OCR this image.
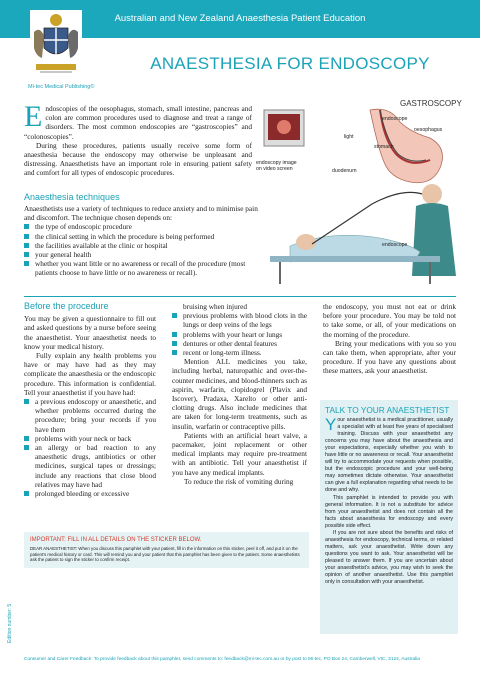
Australian and New Zealand Anaesthesia Patient Education
Mi-tec Medical Publishing©
ANAESTHESIA FOR ENDOSCOPY

Endoscopies of the oesophagus, stomach, small intestine, pancreas and colon are common procedures used to diagnose and treat a range of disorders. The most common endoscopies are “gastroscopies” and “colonoscopies”.

During these procedures, patients usually receive some form of anaesthesia because the endoscopy may otherwise be unpleasant and distressing. Anaesthetists have an important role in ensuring patient safety and comfort for all types of endoscopic procedures.

Anaesthesia techniques
Anaesthetists use a variety of techniques to reduce anxiety and to minimise pain and discomfort. The technique chosen depends on:
the type of endoscopic procedure
the clinical setting in which the procedure is being performed
the facilities available at the clinic or hospital
your general health
whether you want little or no awareness or recall of the procedure (most patients choose to have little or no awareness or recall).
GASTROSCOPY
endoscopy image on video screen
light
endoscope
oesophagus
stomach
duodenum
endoscope
Before the procedure

You may be given a questionnaire to fill out and asked questions by a nurse before seeing the anaesthetist. Your anaesthetist needs to know your medical history.

Fully explain any health problems you have or may have had as they may complicate the anaesthesia or the endoscopic procedure. This information is confidential. Tell your anaesthetist if you have had:

a previous endoscopy or anaesthetic, and whether problems occurred during the procedure; bring your records if you have them
problems with your neck or back
an allergy or bad reaction to any anaesthetic drugs, antibiotics or other medicines, surgical tapes or dressings; include any reactions that close blood relatives may have had
prolonged bleeding or excessive

bruising when injured

previous problems with blood clots in the lungs or deep veins of the legs
problems with your heart or lungs
dentures or other dental features
recent or long-term illness.

Mention ALL medicines you take, including herbal, naturopathic and over-the-counter medicines, and blood-thinners such as aspirin, warfarin, clopidogrel (Plavix and Iscover), Pradaxa, Xarelto or other anti-clotting drugs. Also include medicines that are taken for long-term treatments, such as insulin, warfarin or contraceptive pills.

Patients with an artificial heart valve, a pacemaker, joint replacement or other medical implants may require pre-treatment with an antibiotic. Tell your anaesthetist if you have any medical implants.

To reduce the risk of vomiting during

the endoscopy, you must not eat or drink before your procedure. You may be told not to take some, or all, of your medications on the morning of the procedure.

Bring your medications with you so you can take them, when appropriate, after your procedure. If you have any questions about these matters, ask your anaesthetist.

TALK TO YOUR ANAESTHETIST

Your anaesthetist is a medical practitioner, usually a specialist with at least five years of specialised training. Discuss with your anaesthetist any concerns you may have about the anaesthesia and your expectations, especially whether you wish to have little or no awareness or recall. Your anaesthetist will try to accommodate your requests when possible, but the endoscopic procedure and your well-being may sometimes dictate otherwise. Your anaesthetist can give a full explanation regarding what needs to be done and why.

This pamphlet is intended to provide you with general information. It is not a substitute for advice from your anaesthetist and does not contain all the facts about anaesthesia for endoscopy and every possible side effect.

If you are not sure about the benefits and risks of anaesthesia for endoscopy, technical terms, or related matters, ask your anaesthetist. Write down any questions you want to ask. Your anaesthetist will be pleased to answer them. If you are uncertain about your anaesthetist's advice, you may wish to seek the opinion of another anaesthetist. Use this pamphlet only in consultation with your anaesthetist.

IMPORTANT: FILL IN ALL DETAILS ON THE STICKER BELOW.
DEAR ANAESTHETIST: When you discuss this pamphlet with your patient, fill in the information on this sticker, peel it off, and put it on the patient's medical history or card. This will remind you and your patient that this pamphlet has been given to the patient. Some anaesthetists ask the patient to sign the sticker to confirm receipt.
Edition number: 5
Consumer and Carer Feedback: To provide feedback about this pamphlet, send comments to: feedback@mi-tec.com.au or by post to Mi-tec, PO Box 24, Camberwell, VIC, 3124, Australia
